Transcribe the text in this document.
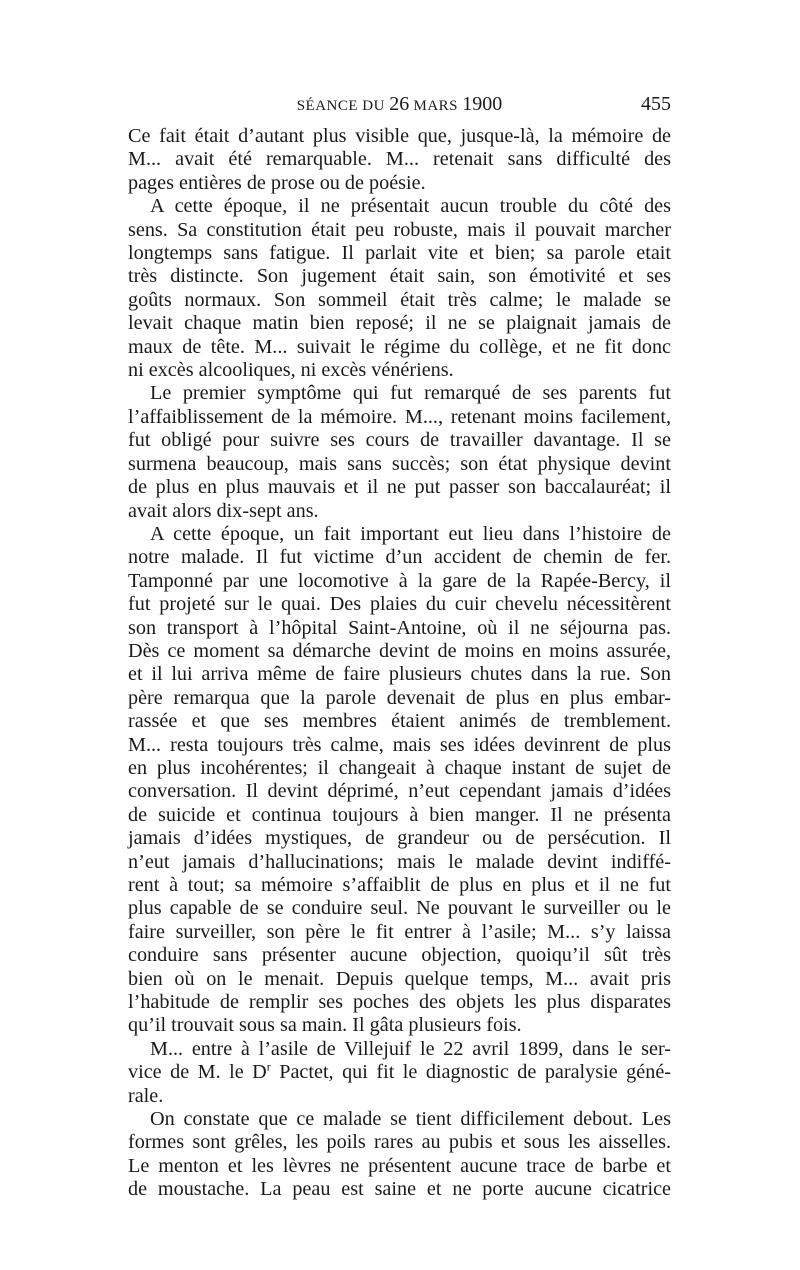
SÉANCE DU 26 MARS 1900	455

Ce fait était d’autant plus visible que, jusque-là, la mémoire de
M... avait été remarquable. M... retenait sans difficulté des
pages entières de prose ou de poésie.

A cette époque, il ne présentait aucun trouble du côté des
sens. Sa constitution était peu robuste, mais il pouvait marcher
longtemps sans fatigue. Il parlait vite et bien; sa parole etait
très distincte. Son jugement était sain, son émotivité et ses
goûts normaux. Son sommeil était très calme; le malade se
levait chaque matin bien reposé; il ne se plaignait jamais de
maux de tête. M... suivait le régime du collège, et ne fit donc
ni excès alcooliques, ni excès vénériens.

Le premier symptôme qui fut remarqué de ses parents fut
l’affaiblissement de la mémoire. M..., retenant moins facilement,
fut obligé pour suivre ses cours de travailler davantage. Il se
surmena beaucoup, mais sans succès; son état physique devint
de plus en plus mauvais et il ne put passer son baccalauréat; il
avait alors dix-sept ans.

A cette époque, un fait important eut lieu dans l’histoire de
notre malade. Il fut victime d’un accident de chemin de fer.
Tamponné par une locomotive à la gare de la Rapée-Bercy, il
fut projeté sur le quai. Des plaies du cuir chevelu nécessitèrent
son transport à l’hôpital Saint-Antoine, où il ne séjourna pas.
Dès ce moment sa démarche devint de moins en moins assurée,
et il lui arriva même de faire plusieurs chutes dans la rue. Son
père remarqua que la parole devenait de plus en plus embar-
rassée et que ses membres étaient animés de tremblement.
M... resta toujours très calme, mais ses idées devinrent de plus
en plus incohérentes; il changeait à chaque instant de sujet de
conversation. Il devint déprimé, n’eut cependant jamais d’idées
de suicide et continua toujours à bien manger. Il ne présenta
jamais d’idées mystiques, de grandeur ou de persécution. Il
n’eut jamais d’hallucinations; mais le malade devint indiffé-
rent à tout; sa mémoire s’affaiblit de plus en plus et il ne fut
plus capable de se conduire seul. Ne pouvant le surveiller ou le
faire surveiller, son père le fit entrer à l’asile; M... s’y laissa
conduire sans présenter aucune objection, quoiqu’il sût très
bien où on le menait. Depuis quelque temps, M... avait pris
l’habitude de remplir ses poches des objets les plus disparates
qu’il trouvait sous sa main. Il gâta plusieurs fois.

M... entre à l’asile de Villejuif le 22 avril 1899, dans le ser-
vice de M. le $D^r$ Pactet, qui fit le diagnostic de paralysie géné-
rale.

On constate que ce malade se tient difficilement debout. Les
formes sont grêles, les poils rares au pubis et sous les aisselles.
Le menton et les lèvres ne présentent aucune trace de barbe et
de moustache. La peau est saine et ne porte aucune cicatrice
